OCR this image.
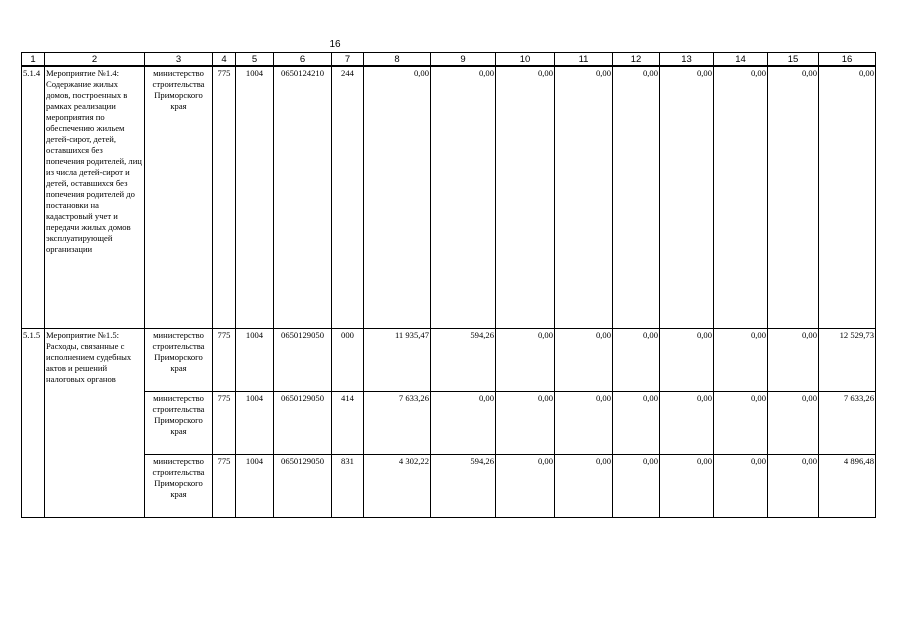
16
1	2	3	4	5	6	7	8	9	10	11	12	13	14	15	16
5.1.4	Мероприятие №1.4: Содержание жилых домов, построенных в рамках реализации мероприятия по обеспечению жильем детей-сирот, детей, оставшихся без попечения родителей, лиц из числа детей-сирот и детей, оставшихся без попечения родителей до постановки на кадастровый учет и передачи жилых домов эксплуатирующей организации	министерство строительства Приморского края	775	1004	0650124210	244	0,00	0,00	0,00	0,00	0,00	0,00	0,00	0,00	0,00
5.1.5	Мероприятие №1.5: Расходы, связанные с исполнением судебных актов и решений налоговых органов	министерство строительства Приморского края	775	1004	0650129050	000	11 935,47	594,26	0,00	0,00	0,00	0,00	0,00	0,00	12 529,73
		министерство строительства Приморского края	775	1004	0650129050	414	7 633,26	0,00	0,00	0,00	0,00	0,00	0,00	0,00	7 633,26
		министерство строительства Приморского края	775	1004	0650129050	831	4 302,22	594,26	0,00	0,00	0,00	0,00	0,00	0,00	4 896,48
